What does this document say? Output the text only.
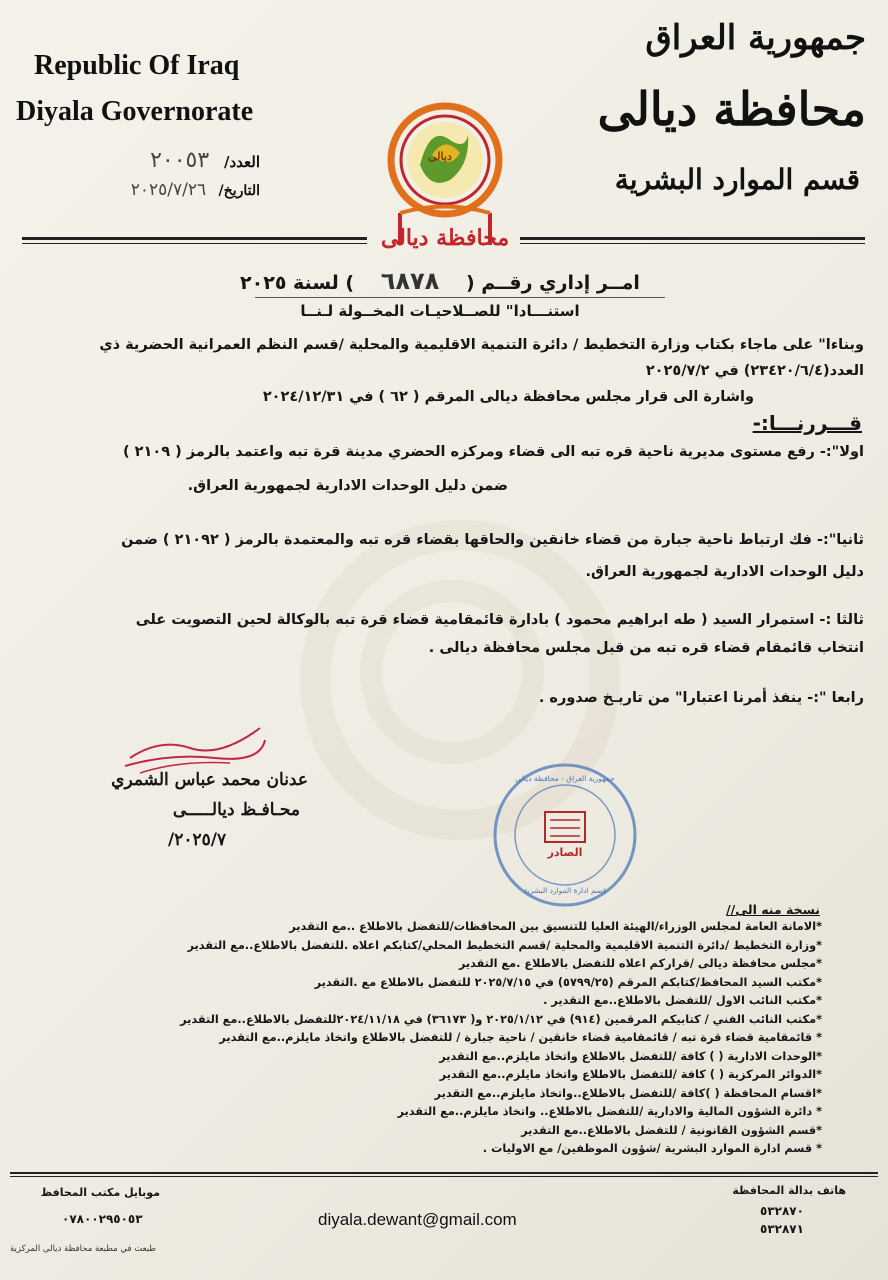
Republic Of Iraq
Diyala Governorate
العدد/ ٢٠٠٥٣
التاريخ/ ٢٠٢٥/٧/٢٦
جمهورية العراق
محافظة ديالى
قسم الموارد البشرية
ديالى
محافظة ديالى
امــر إداري رقــم ( ٦٨٧٨ ) لسنة ٢٠٢٥
استنـــادا" للصــلاحيـات المخــولة لـنــا
وبناءا" على ماجاء بكتاب وزارة التخطيط / دائرة التنمية الاقليمية والمحلية /قسم النظم العمرانية الحضرية ذي
العدد(٢٣٤٢٠/٦/٤) في ٢٠٢٥/٧/٢
واشارة الى قرار مجلس محافظة ديالى المرقم ( ٦٢ ) في ٢٠٢٤/١٢/٣١
قـــررنـــا:-
اولا":- رفع مستوى مديرية ناحية قره تبه الى قضاء ومركزه الحضري مدينة قرة تبه واعتمد بالرمز ( ٢١٠٩ )
ضمن دليل الوحدات الادارية لجمهورية العراق.
ثانيا":- فك ارتباط ناحية جبارة من قضاء خانقين والحاقها بقضاء قره تبه والمعتمدة بالرمز ( ٢١٠٩٢ ) ضمن
دليل الوحدات الادارية لجمهورية العراق.
ثالثا :- استمرار السيد ( طه ابراهيم محمود ) بادارة قائمقامية قضاء قرة تبه بالوكالة لحين التصويت على
انتخاب قائمقام قضاء قره تبه من قبل مجلس محافظة ديالى .
رابعا ":- ينفذ أمرنا اعتبارا" من تاريـخ صدوره .
عدنان محمد عباس الشمري
محـافـظ ديالـــــى
٢٠٢٥/٧/
جمهورية العراق - محافظة ديالى
الصادر
قسم ادارة الموارد البشرية
نسخة منه الى//
*الامانة العامة لمجلس الوزراء/الهيئة العليا للتنسيق بين المحافظات/للتفضل بالاطلاع ..مع التقدير
*وزارة التخطيط /دائرة التنمية الاقليمية والمحلية /قسم التخطيط المحلي/كتابكم اعلاه .للتفضل بالاطلاع..مع التقدير
*مجلس محافظة ديالى /قراركم اعلاه للتفضل بالاطلاع .مع التقدير
*مكتب السيد المحافظ/كتابكم المرقم (٥٧٩٩/٢٥) في ٢٠٢٥/٧/١٥ للتفضل بالاطلاع مع .التقدير
*مكتب النائب الاول /للتفضل بالاطلاع..مع التقدير .
*مكتب النائب الفني / كتابيكم المرقمين (٩١٤) في ٢٠٢٥/١/١٢ و( ٣٦١٧٣) في ٢٠٢٤/١١/١٨للتفضل بالاطلاع..مع التقدير
* قائمقامية قضاء قرة تبه / قائمقامية قضاء خانقين / ناحية جبارة / للتفضل بالاطلاع واتخاذ مايلزم..مع التقدير
*الوحدات الادارية ( ) كافة /للتفضل بالاطلاع واتخاذ مايلزم..مع التقدير
*الدوائر المركزية ( ) كافة /للتفضل بالاطلاع واتخاذ مايلزم..مع التقدير
*اقسام المحافظة ( )كافة /للتفضل بالاطلاع..واتخاذ مايلزم..مع التقدير
* دائرة الشؤون المالية والادارية /للتفضل بالاطلاع.. واتخاذ مايلزم..مع التقدير
*قسم الشؤون القانونية / للتفضل بالاطلاع..مع التقدير
* قسم ادارة الموارد البشرية /شؤون الموظفين/ مع الاوليات .
موبايل مكتب المحافظ
٠٧٨٠٠٢٩٥٠٥٣
طبعت في مطبعة محافظة ديالى المركزية
diyala.dewant@gmail.com
هاتف بدالة المحافظة
٥٣٢٨٧٠
٥٣٢٨٧١
